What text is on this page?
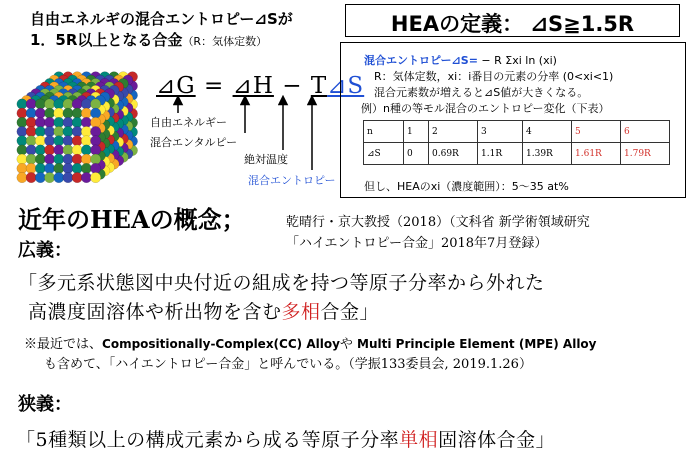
自由エネルギの混合エントロピー⊿Sが
1．5R以上となる合金（R：気体定数）
⊿G = ⊿H − T⊿S
自由エネルギー
混合エンタルピー
絶対温度
混合エントロピー
HEAの定義： ⊿S≧1.5R
混合エントロピー⊿S= − R Σxi ln (xi)
R：気体定数，xi：i番目の元素の分率 (0<xi<1)
混合元素数が増えると⊿S値が大きくなる。
例）n種の等モル混合のエントロピー変化（下表）
n	1	2	3	4	5	6
⊿S	0	0.69R	1.1R	1.39R	1.61R	1.79R
但し、HEAのxi（濃度範囲）：5～35 at%
近年のHEAの概念；	乾晴行・京大教授（2018）（文科省 新学術領域研究
「ハイエントロピー合金」2018年7月登録）
広義：
「多元系状態図中央付近の組成を持つ等原子分率から外れた
高濃度固溶体や析出物を含む多相合金」
※最近では、Compositionally-Complex(CC) Alloyや Multi Principle Element (MPE) Alloy
も含めて、「ハイエントロピー合金」と呼んでいる。（学振133委員会, 2019.1.26）
狭義：
「5種類以上の構成元素から成る等原子分率単相固溶体合金」
